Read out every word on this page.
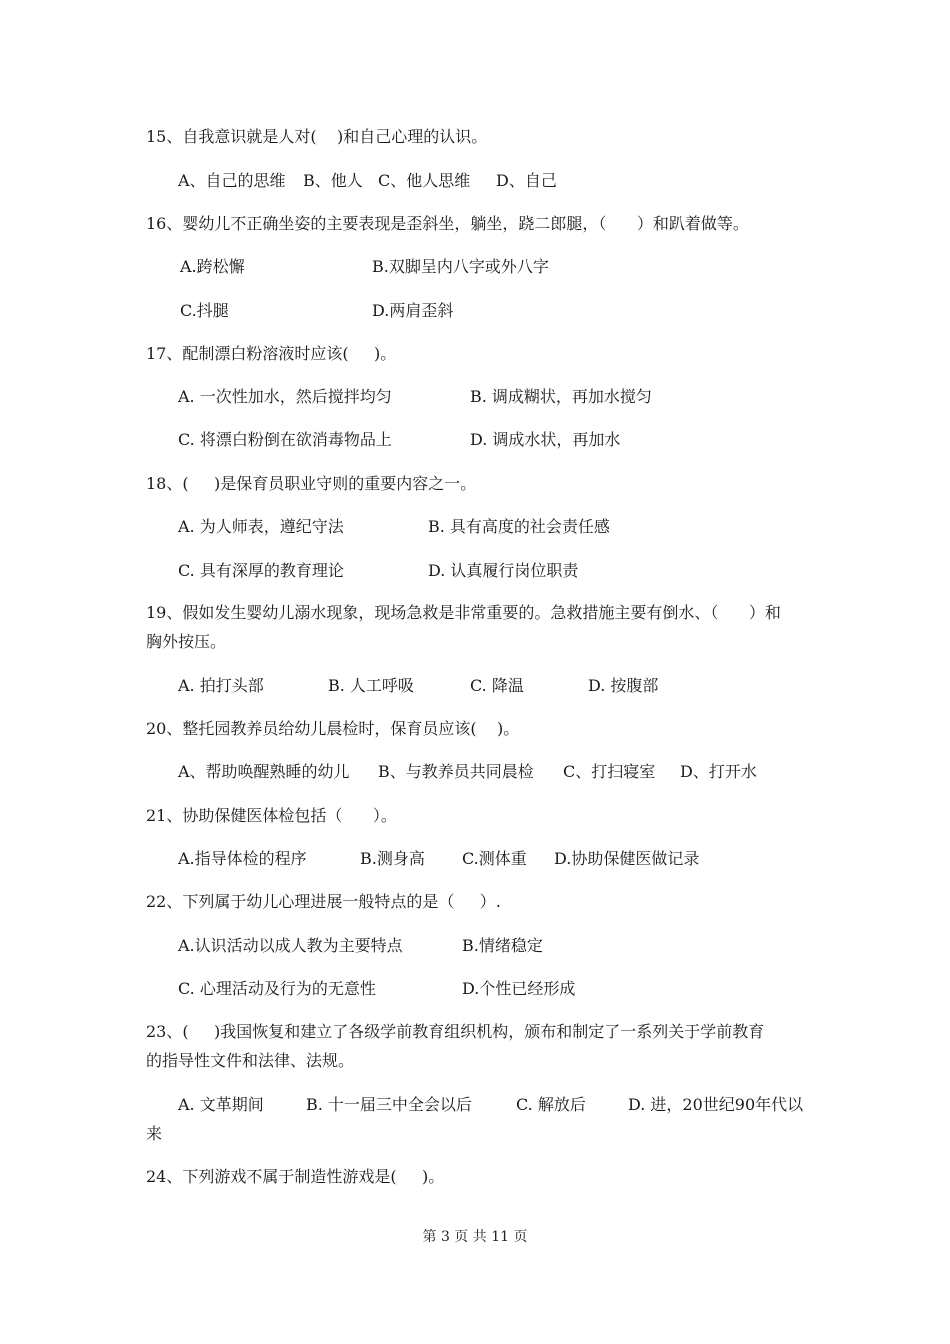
15、自我意识就是人对(    )和自己心理的认识。
A、自己的思维 B、他人 C、他人思维 D、自己
16、婴幼儿不正确坐姿的主要表现是歪斜坐，躺坐，跷二郎腿，（      ）和趴着做等。
A.跨松懈	B.双脚呈内八字或外八字
C.抖腿	D.两肩歪斜
17、配制漂白粉溶液时应该(     )。
A. 一次性加水，然后搅拌均匀	B. 调成糊状，再加水搅匀
C. 将漂白粉倒在欲消毒物品上	D. 调成水状，再加水
18、(     )是保育员职业守则的重要内容之一。
A. 为人师表，遵纪守法	B. 具有高度的社会责任感
C. 具有深厚的教育理论	D. 认真履行岗位职责
19、假如发生婴幼儿溺水现象，现场急救是非常重要的。急救措施主要有倒水、（      ）和
胸外按压。
A. 拍打头部	B. 人工呼吸	C. 降温	D. 按腹部
20、整托园教养员给幼儿晨检时，保育员应该(    )。
A、帮助唤醒熟睡的幼儿 B、与教养员共同晨检 C、打扫寝室 D、打开水
21、协助保健医体检包括（      ）。
A.指导体检的程序	B.测身高 C.测体重 D.协助保健医做记录
22、下列属于幼儿心理进展一般特点的是（     ）.
A.认识活动以成人教为主要特点	B.情绪稳定
C. 心理活动及行为的无意性	D.个性已经形成
23、(     )我国恢复和建立了各级学前教育组织机构，颁布和制定了一系列关于学前教育
的指导性文件和法律、法规。
A. 文革期间	B. 十一届三中全会以后	C. 解放后	D. 进，20世纪90年代以
来
24、下列游戏不属于制造性游戏是(     )。
第 3 页 共 11 页
